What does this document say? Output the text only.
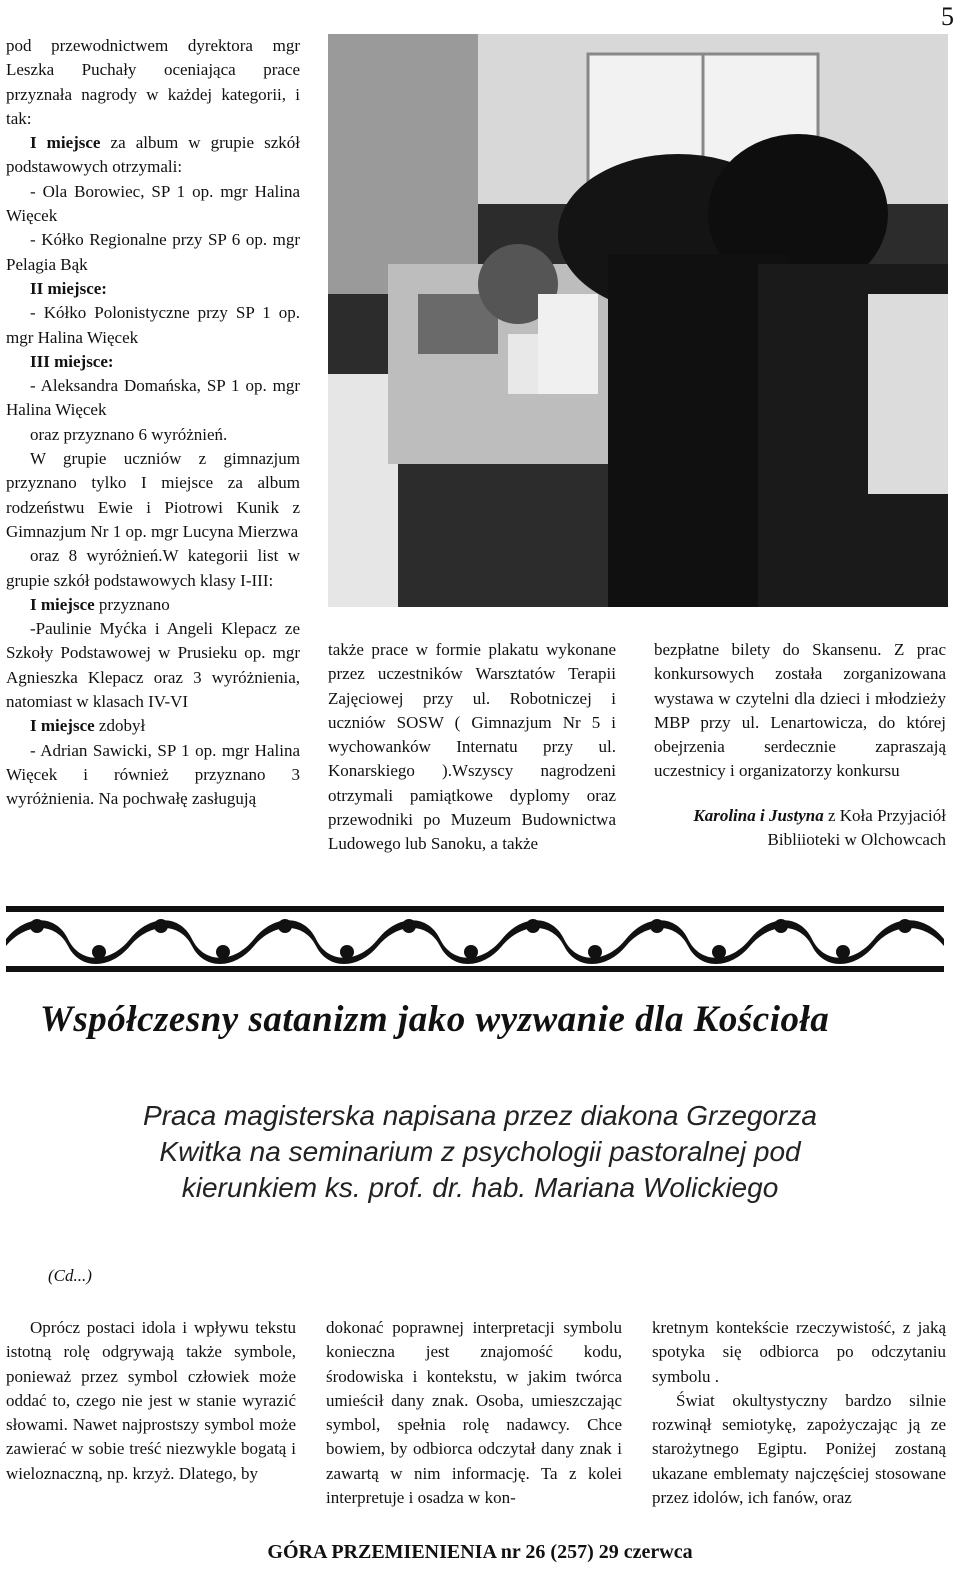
5

pod przewodnictwem dyrektora mgr Leszka Puchały oceniająca prace przyznała nagrody w każdej kategorii, i tak:

I miejsce za album w grupie szkół podstawowych otrzymali:

- Ola Borowiec, SP 1 op. mgr Halina Więcek

- Kółko Regionalne przy SP 6 op. mgr Pelagia Bąk

II miejsce:

- Kółko Polonistyczne przy SP 1 op. mgr Halina Więcek

III miejsce:

- Aleksandra Domańska, SP 1 op. mgr Halina Więcek

oraz przyznano 6 wyróżnień.

W grupie uczniów z gimnazjum przyznano tylko I miejsce za album rodzeństwu Ewie i Piotrowi Kunik z Gimnazjum Nr 1 op. mgr Lucyna Mierzwa

oraz 8 wyróżnień.W kategorii list w grupie szkół podstawowych klasy I-III:

I miejsce przyznano

-Paulinie Myćka i Angeli Klepacz ze Szkoły Podstawowej w Prusieku op. mgr Agnieszka Klepacz oraz 3 wyróżnienia, natomiast w klasach IV-VI

I miejsce zdobył

- Adrian Sawicki, SP 1 op. mgr Halina Więcek i również przyznano 3 wyróżnienia. Na pochwałę zasługują

także prace w formie plakatu wykonane przez uczestników Warsztatów Terapii Zajęciowej przy ul. Robotniczej i uczniów SOSW ( Gimnazjum Nr 5 i wychowanków Internatu przy ul. Konarskiego ).Wszyscy nagrodzeni otrzymali pamiątkowe dyplomy oraz przewodniki po Muzeum Budownictwa Ludowego lub Sanoku, a także

bezpłatne bilety do Skansenu. Z prac konkursowych została zorganizowana wystawa w czytelni dla dzieci i młodzieży MBP przy ul. Lenartowicza, do której obejrzenia serdecznie zapraszają uczestnicy i organizatorzy konkursu

Karolina i Justyna z Koła Przyjaciół Bibliioteki w Olchowcach

Współczesny satanizm jako wyzwanie dla Kościoła
Praca magisterska napisana przez diakona Grzegorza Kwitka na seminarium z psychologii pastoralnej pod kierunkiem ks. prof. dr. hab. Mariana Wolickiego
(Cd...)

Oprócz postaci idola i wpływu tekstu istotną rolę odgrywają także symbole, ponieważ przez symbol człowiek może oddać to, czego nie jest w stanie wyrazić słowami. Nawet najprostszy symbol może zawierać w sobie treść niezwykle bogatą i wieloznaczną, np. krzyż. Dlatego, by

dokonać poprawnej interpretacji symbolu konieczna jest znajomość kodu, środowiska i kontekstu, w jakim twórca umieścił dany znak. Osoba, umieszczając symbol, spełnia rolę nadawcy. Chce bowiem, by odbiorca odczytał dany znak i zawartą w nim informację. Ta z kolei interpretuje i osadza w kon-

kretnym kontekście rzeczywistość, z jaką spotyka się odbiorca po odczytaniu symbolu .

Świat okultystyczny bardzo silnie rozwinął semiotykę, zapożyczając ją ze starożytnego Egiptu. Poniżej zostaną ukazane emblematy najczęściej stosowane przez idolów, ich fanów, oraz

GÓRA PRZEMIENIENIA nr 26 (257) 29 czerwca
